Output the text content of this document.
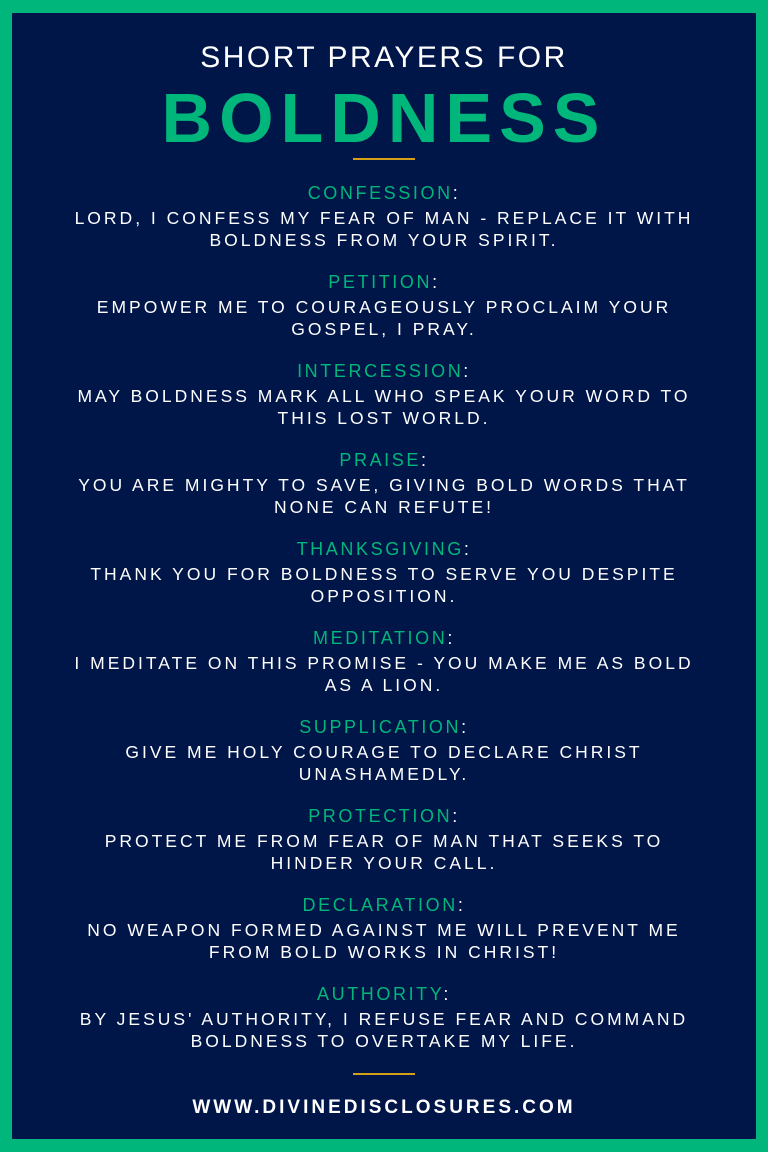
SHORT PRAYERS FOR
BOLDNESS
CONFESSION:
LORD, I CONFESS MY FEAR OF MAN - REPLACE IT WITH
BOLDNESS FROM YOUR SPIRIT.
PETITION:
EMPOWER ME TO COURAGEOUSLY PROCLAIM YOUR
GOSPEL, I PRAY.
INTERCESSION:
MAY BOLDNESS MARK ALL WHO SPEAK YOUR WORD TO
THIS LOST WORLD.
PRAISE:
YOU ARE MIGHTY TO SAVE, GIVING BOLD WORDS THAT
NONE CAN REFUTE!
THANKSGIVING:
THANK YOU FOR BOLDNESS TO SERVE YOU DESPITE
OPPOSITION.
MEDITATION:
I MEDITATE ON THIS PROMISE - YOU MAKE ME AS BOLD
AS A LION.
SUPPLICATION:
GIVE ME HOLY COURAGE TO DECLARE CHRIST
UNASHAMEDLY.
PROTECTION:
PROTECT ME FROM FEAR OF MAN THAT SEEKS TO
HINDER YOUR CALL.
DECLARATION:
NO WEAPON FORMED AGAINST ME WILL PREVENT ME
FROM BOLD WORKS IN CHRIST!
AUTHORITY:
BY JESUS' AUTHORITY, I REFUSE FEAR AND COMMAND
BOLDNESS TO OVERTAKE MY LIFE.
WWW.DIVINEDISCLOSURES.COM
